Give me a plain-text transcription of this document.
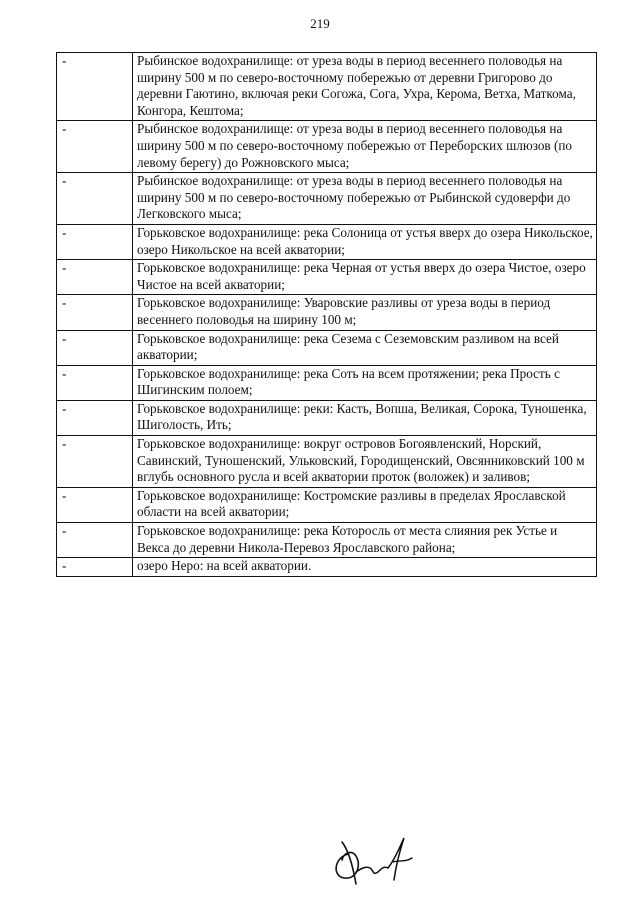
219
-	Рыбинское водохранилище: от уреза воды в период весеннего половодья на ширину 500 м по северо-восточному побережью от деревни Григорово до деревни Гаютино, включая реки Согожа, Сога, Ухра, Керома, Ветха, Маткома, Конгора, Кештома;
-	Рыбинское водохранилище: от уреза воды в период весеннего половодья на ширину 500 м по северо-восточному побережью от Переборских шлюзов (по левому берегу) до Рожновского мыса;
-	Рыбинское водохранилище: от уреза воды в период весеннего половодья на ширину 500 м по северо-восточному побережью от Рыбинской судоверфи до Легковского мыса;
-	Горьковское водохранилище: река Солоница от устья вверх до озера Никольское, озеро Никольское на всей акватории;
-	Горьковское водохранилище: река Черная от устья вверх до озера Чистое, озеро Чистое на всей акватории;
-	Горьковское водохранилище: Уваровские разливы от уреза воды в период весеннего половодья на ширину 100 м;
-	Горьковское водохранилище: река Сезема с Сеземовским разливом на всей акватории;
-	Горьковское водохранилище: река Соть на всем протяжении; река Прость с Шигинским полоем;
-	Горьковское водохранилище: реки: Касть, Вопша, Великая, Сорока, Туношенка, Шиголость, Ить;
-	Горьковское водохранилище: вокруг островов Богоявленский, Норский, Савинский, Туношенский, Ульковский, Городищенский, Овсянниковский 100 м вглубь основного русла и всей акватории проток (воложек) и заливов;
-	Горьковское водохранилище: Костромские разливы в пределах Ярославской области на всей акватории;
-	Горьковское водохранилище: река Которосль от места слияния рек Устье и Векса до деревни Никола-Перевоз Ярославского района;
-	озеро Неро: на всей акватории.
